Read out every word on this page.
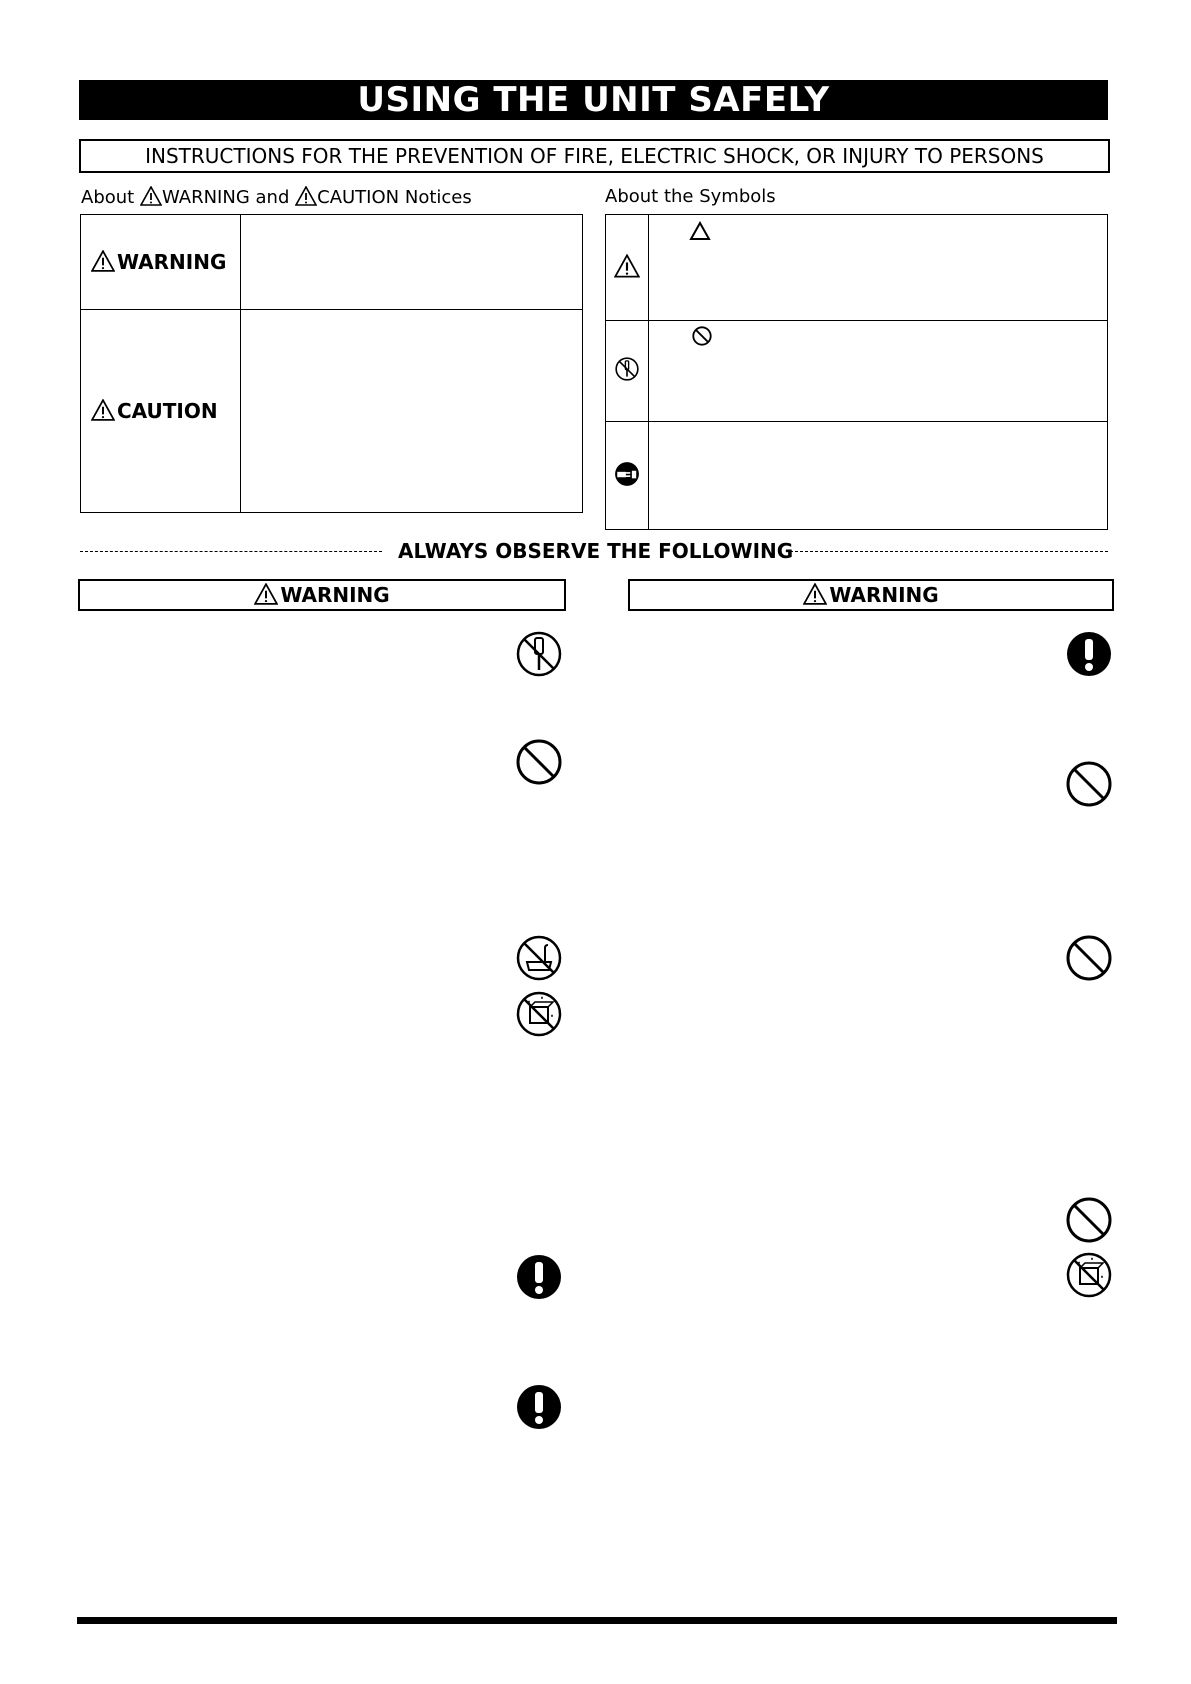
USING THE UNIT SAFELY
INSTRUCTIONS FOR THE PREVENTION OF FIRE, ELECTRIC SHOCK, OR INJURY TO PERSONS
About WARNING and CAUTION Notices
WARNING	
CAUTION	
About the Symbols

ALWAYS OBSERVE THE FOLLOWING
WARNING	WARNING
